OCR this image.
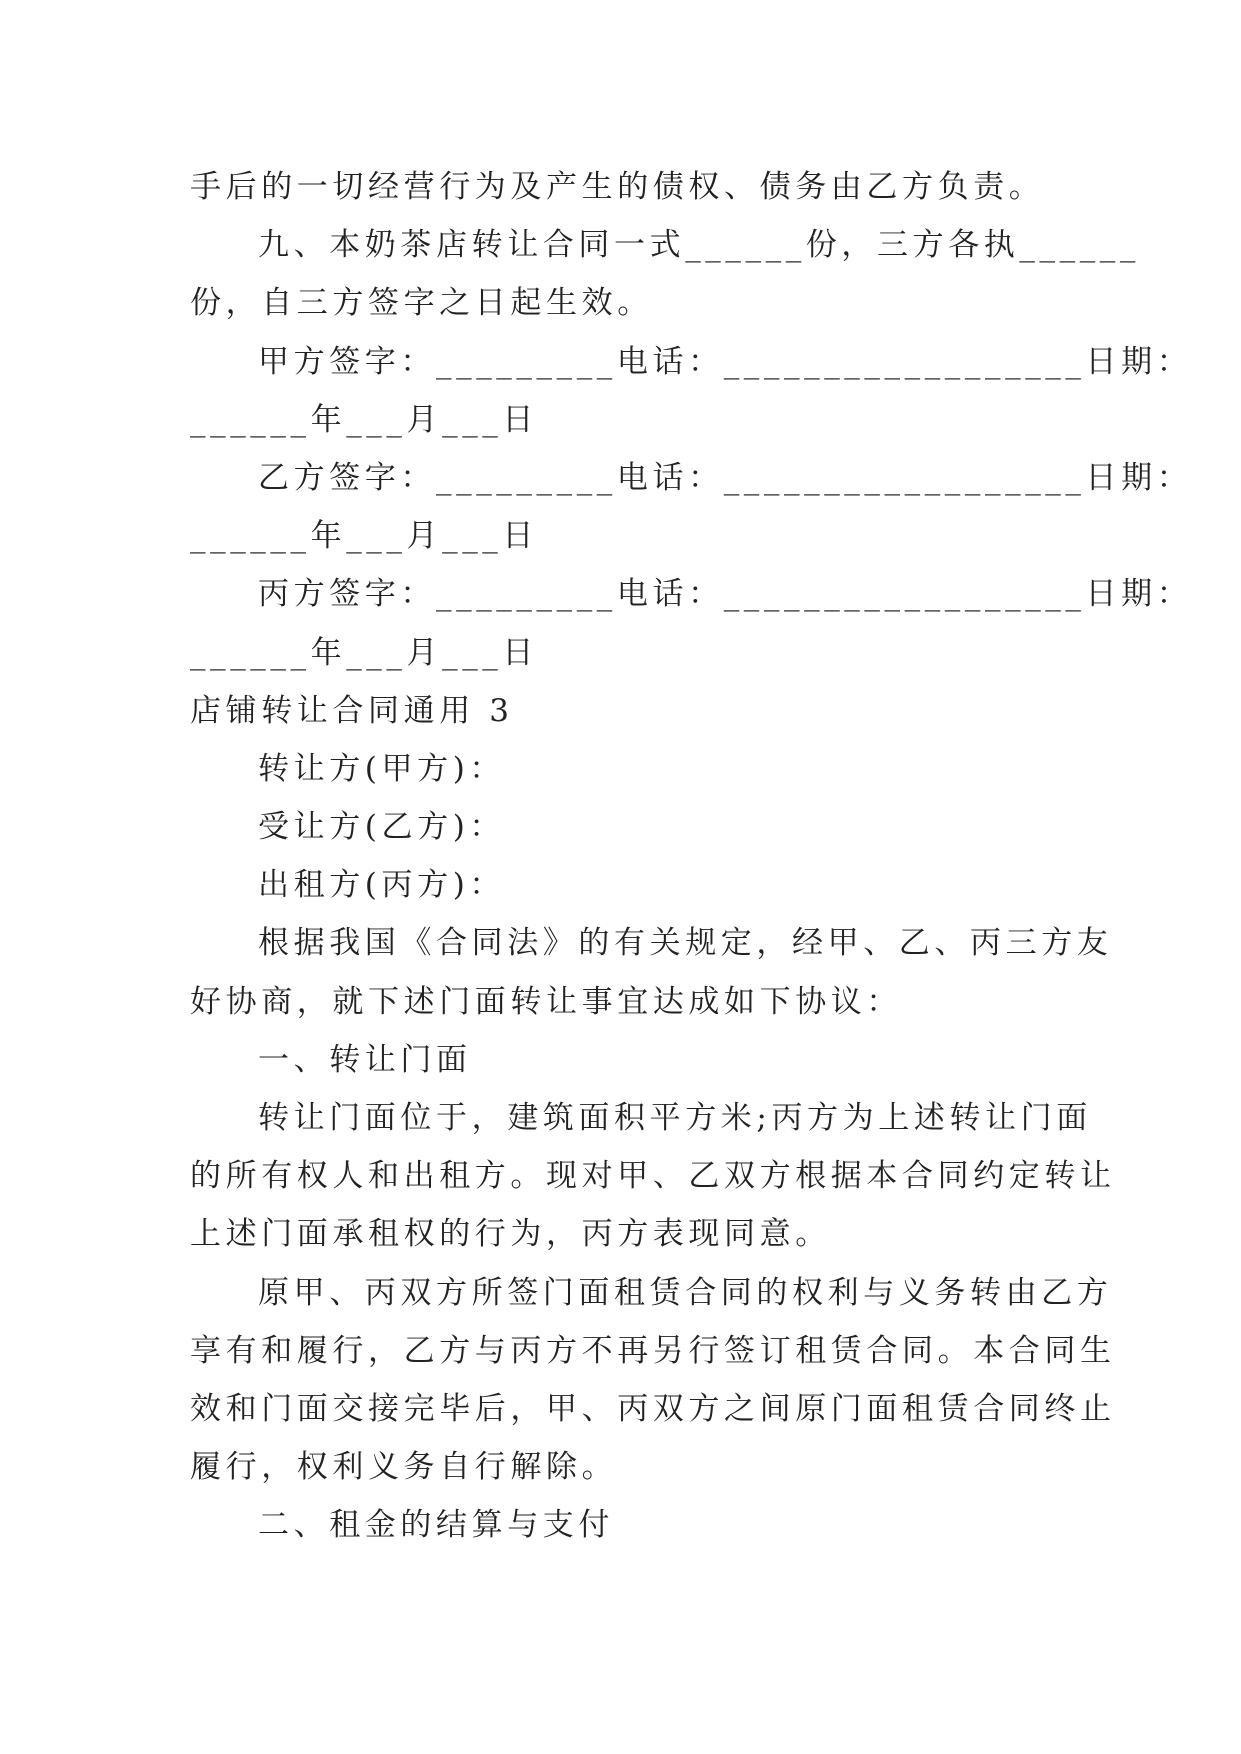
手后的一切经营行为及产生的债权、债务由乙方负责。
九、本奶茶店转让合同一式______份，三方各执______
份，自三方签字之日起生效。
甲方签字：_________电话：__________________日期：
______年___月___日
乙方签字：_________电话：__________________日期：
______年___月___日
丙方签字：_________电话：__________________日期：
______年___月___日
店铺转让合同通用 3
转让方(甲方)：
受让方(乙方)：
出租方(丙方)：
根据我国《合同法》的有关规定，经甲、乙、丙三方友
好协商，就下述门面转让事宜达成如下协议：
一、转让门面
转让门面位于，建筑面积平方米;丙方为上述转让门面
的所有权人和出租方。现对甲、乙双方根据本合同约定转让
上述门面承租权的行为，丙方表现同意。
原甲、丙双方所签门面租赁合同的权利与义务转由乙方
享有和履行，乙方与丙方不再另行签订租赁合同。本合同生
效和门面交接完毕后，甲、丙双方之间原门面租赁合同终止
履行，权利义务自行解除。
二、租金的结算与支付
